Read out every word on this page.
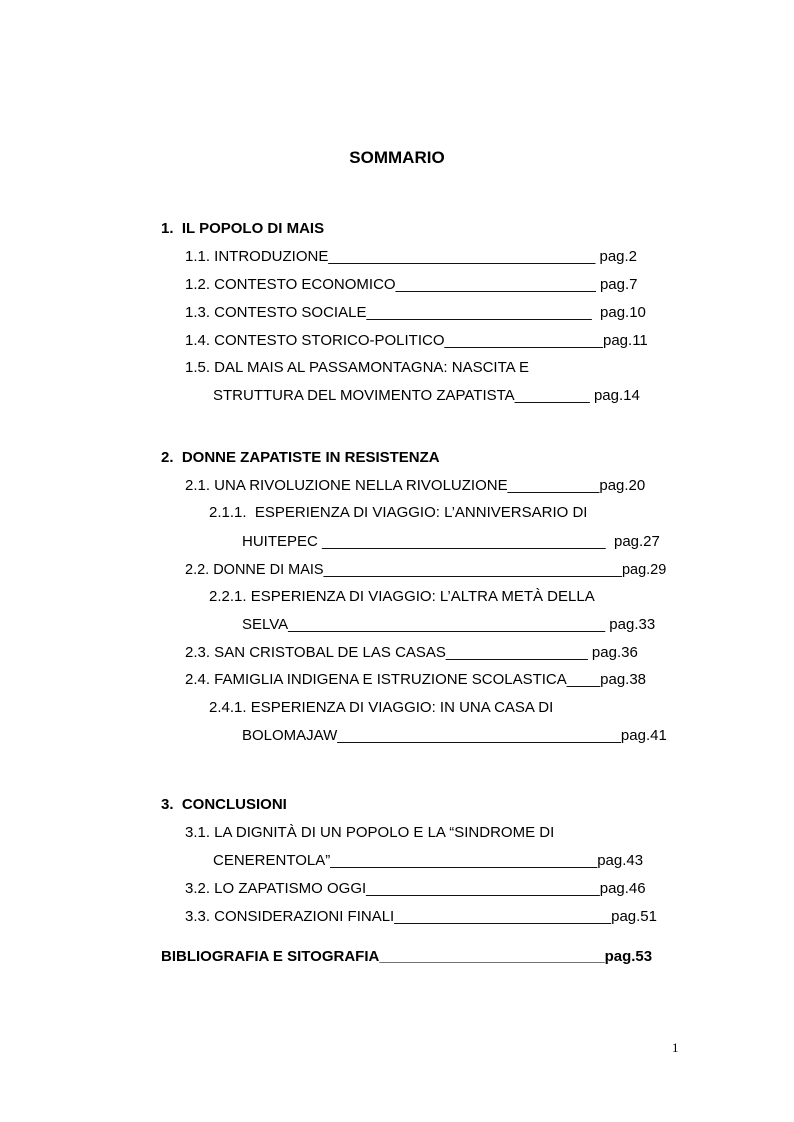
SOMMARIO
1.  IL POPOLO DI MAIS
1.1. INTRODUZIONE________________________________ pag.2
1.2. CONTESTO ECONOMICO________________________ pag.7
1.3. CONTESTO SOCIALE___________________________  pag.10
1.4. CONTESTO STORICO-POLITICO___________________pag.11
1.5. DAL MAIS AL PASSAMONTAGNA: NASCITA E
STRUTTURA DEL MOVIMENTO ZAPATISTA_________ pag.14
2.  DONNE ZAPATISTE IN RESISTENZA
2.1. UNA RIVOLUZIONE NELLA RIVOLUZIONE___________pag.20
2.1.1.  ESPERIENZA DI VIAGGIO: L’ANNIVERSARIO DI
HUITEPEC __________________________________  pag.27
2.2. DONNE DI MAIS_____________________________________pag.29
2.2.1. ESPERIENZA DI VIAGGIO: L’ALTRA METÀ DELLA
SELVA______________________________________ pag.33
2.3. SAN CRISTOBAL DE LAS CASAS_________________ pag.36
2.4. FAMIGLIA INDIGENA E ISTRUZIONE SCOLASTICA____pag.38
2.4.1. ESPERIENZA DI VIAGGIO: IN UNA CASA DI
BOLOMAJAW__________________________________pag.41
3.  CONCLUSIONI
3.1. LA DIGNITÀ DI UN POPOLO E LA “SINDROME DI
CENERENTOLA”________________________________pag.43
3.2. LO ZAPATISMO OGGI____________________________pag.46
3.3. CONSIDERAZIONI FINALI__________________________pag.51
BIBLIOGRAFIA E SITOGRAFIA___________________________pag.53
1
